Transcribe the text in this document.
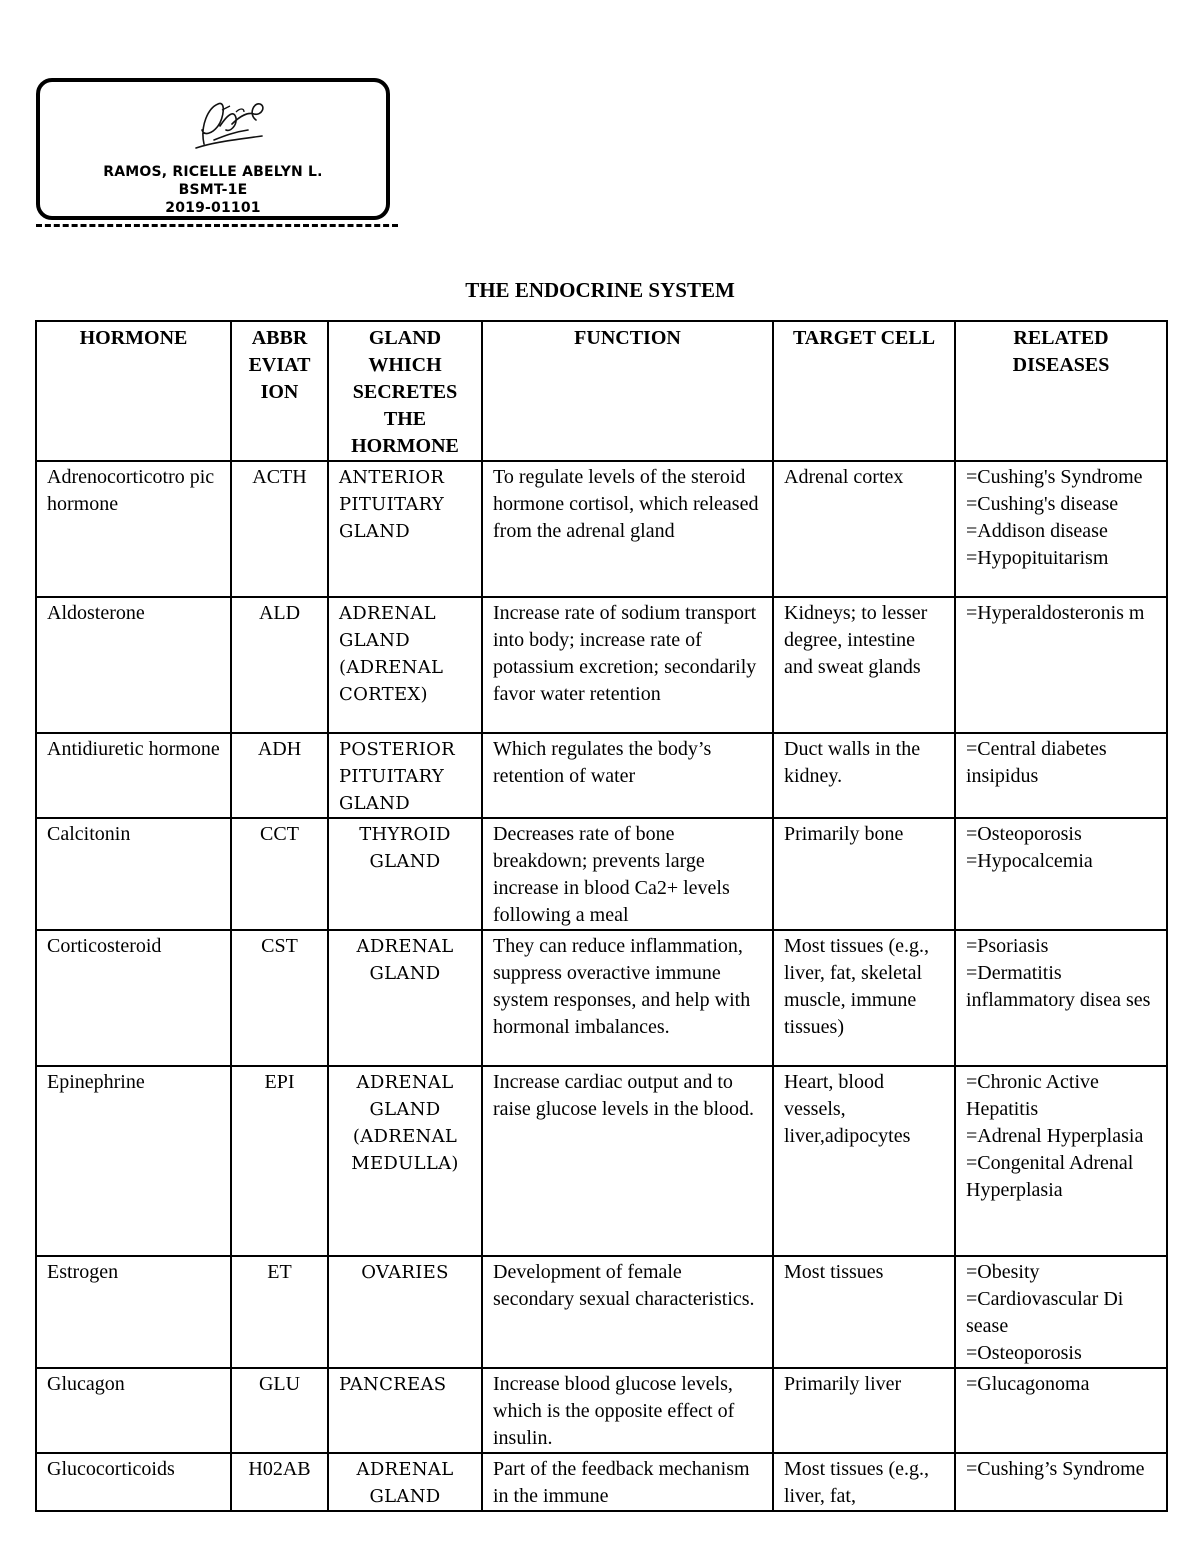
RAMOS, RICELLE ABELYN L.
BSMT-1E
2019-01101
THE ENDOCRINE SYSTEM
HORMONE	ABBR EVIAT ION	GLAND WHICH SECRETES THE HORMONE	FUNCTION	TARGET CELL	RELATED DISEASES
Adrenocorticotro pic hormone	ACTH	ANTERIOR PITUITARY GLAND	To regulate levels of the steroid hormone cortisol, which released from the adrenal gland	Adrenal cortex	=Cushing's Syndrome
=Cushing's disease
=Addison disease
=Hypopituitarism

Aldosterone	ALD	ADRENAL GLAND (ADRENAL CORTEX)	Increase rate of sodium transport into body; increase rate of potassium excretion; secondarily favor water retention	Kidneys; to lesser degree, intestine and sweat glands	=Hyperaldosteronis m

Antidiuretic hormone	ADH	POSTERIOR PITUITARY GLAND	Which regulates the body’s retention of water	Duct walls in the kidney.	=Central diabetes insipidus

Calcitonin	CCT	THYROID GLAND	Decreases rate of bone breakdown; prevents large increase in blood Ca2+ levels following a meal	Primarily bone	=Osteoporosis
=Hypocalcemia

Corticosteroid	CST	ADRENAL GLAND	They can reduce inflammation, suppress overactive immune system responses, and help with hormonal imbalances.	Most tissues (e.g., liver, fat, skeletal muscle, immune tissues)	=Psoriasis
=Dermatitis inflammatory disea ses

Epinephrine	EPI	ADRENAL GLAND (ADRENAL MEDULLA)	Increase cardiac output and to raise glucose levels in the blood.	Heart, blood vessels, liver,adipocytes	=Chronic Active Hepatitis
=Adrenal Hyperplasia
=Congenital Adrenal Hyperplasia

Estrogen	ET	OVARIES	Development of female secondary sexual characteristics.	Most tissues	=Obesity
=Cardiovascular Di sease
=Osteoporosis

Glucagon	GLU	PANCREAS	Increase blood glucose levels, which is the opposite effect of insulin.	Primarily liver	=Glucagonoma

Glucocorticoids	H02AB	ADRENAL GLAND	Part of the feedback mechanism in the immune	Most tissues (e.g., liver, fat,	=Cushing’s Syndrome
